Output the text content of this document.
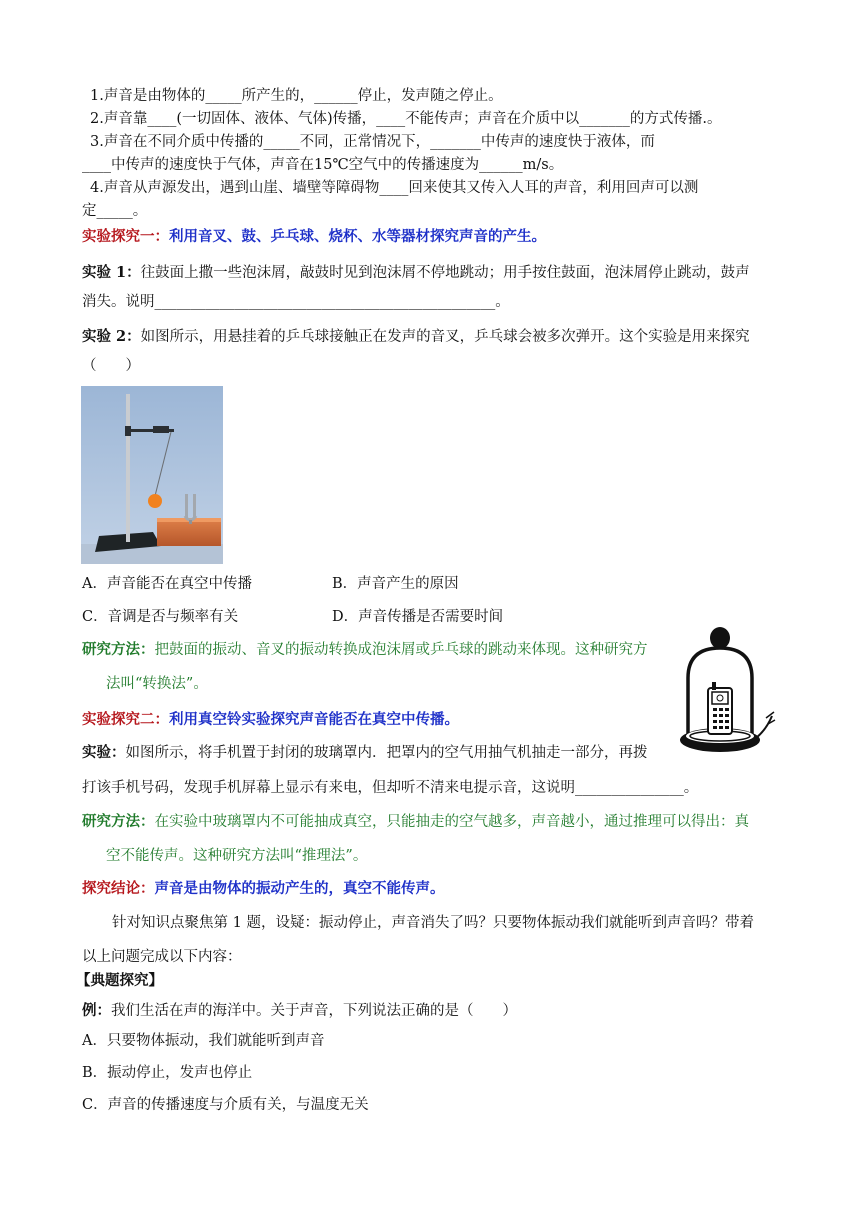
1.声音是由物体的_____所产生的，______停止，发声随之停止。
2.声音靠____(一切固体、液体、气体)传播，____不能传声；声音在介质中以_______的方式传播.。
3.声音在不同介质中传播的_____不同，正常情况下，_______中传声的速度快于液体，而
____中传声的速度快于气体，声音在15℃空气中的传播速度为______m/s。
4.声音从声源发出，遇到山崖、墙壁等障碍物____回来使其又传入人耳的声音，利用回声可以测
定_____。
实验探究一：利用音叉、鼓、乒乓球、烧杯、水等器材探究声音的产生。
实验 1：往鼓面上撒一些泡沫屑，敲鼓时见到泡沫屑不停地跳动；用手按住鼓面，泡沫屑停止跳动，鼓声
消失。说明_______________________________________________。
实验 2：如图所示，用悬挂着的乒乓球接触正在发声的音叉，乒乓球会被多次弹开。这个实验是用来探究
（　　）
A．声音能否在真空中传播	B．声音产生的原因
C．音调是否与频率有关	D．声音传播是否需要时间
研究方法：把鼓面的振动、音叉的振动转换成泡沫屑或乒乓球的跳动来体现。这种研究方
法叫“转换法”。
实验探究二：利用真空铃实验探究声音能否在真空中传播。
实验：如图所示，将手机置于封闭的玻璃罩内．把罩内的空气用抽气机抽走一部分，再拨
打该手机号码，发现手机屏幕上显示有来电，但却听不清来电提示音，这说明_______________。
研究方法：在实验中玻璃罩内不可能抽成真空，只能抽走的空气越多，声音越小，通过推理可以得出：真
空不能传声。这种研究方法叫“推理法”。
探究结论：声音是由物体的振动产生的，真空不能传声。
针对知识点聚焦第 1 题，设疑：振动停止，声音消失了吗？只要物体振动我们就能听到声音吗？带着
以上问题完成以下内容：
【典题探究】
例：我们生活在声的海洋中。关于声音，下列说法正确的是（　　）
A．只要物体振动，我们就能听到声音
B．振动停止，发声也停止
C．声音的传播速度与介质有关，与温度无关
